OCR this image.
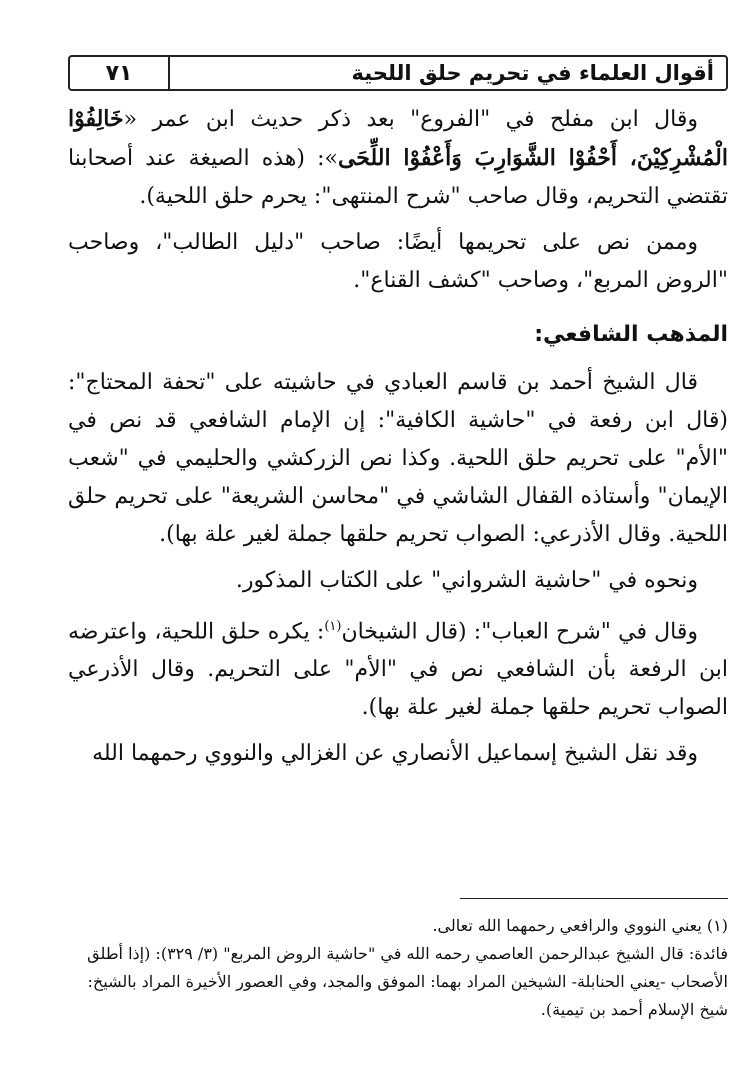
أقوال العلماء في تحريم حلق اللحية
٧١

وقال ابن مفلح في "الفروع" بعد ذكر حديث ابن عمر «خَالِفُوْا الْمُشْرِكِيْنَ، أَحْفُوْا الشَّوَارِبَ وَأَعْفُوْا اللِّحَى»: (هذه الصيغة عند أصحابنا تقتضي التحريم، وقال صاحب "شرح المنتهى": يحرم حلق اللحية).

وممن نص على تحريمها أيضًا: صاحب "دليل الطالب"، وصاحب "الروض المربع"، وصاحب "كشف القناع".

المذهب الشافعي:

قال الشيخ أحمد بن قاسم العبادي في حاشيته على "تحفة المحتاج": (قال ابن رفعة في "حاشية الكافية": إن الإمام الشافعي قد نص في "الأم" على تحريم حلق اللحية. وكذا نص الزركشي والحليمي في "شعب الإيمان" وأستاذه القفال الشاشي في "محاسن الشريعة" على تحريم حلق اللحية. وقال الأذرعي: الصواب تحريم حلقها جملة لغير علة بها).

ونحوه في "حاشية الشرواني" على الكتاب المذكور.

وقال في "شرح العباب": (قال الشيخان$^{(١)}$: يكره حلق اللحية، واعترضه ابن الرفعة بأن الشافعي نص في "الأم" على التحريم. وقال الأذرعي الصواب تحريم حلقها جملة لغير علة بها).

وقد نقل الشيخ إسماعيل الأنصاري عن الغزالي والنووي رحمهما الله

(١) يعني النووي والرافعي رحمهما الله تعالى.

فائدة: قال الشيخ عبدالرحمن العاصمي رحمه الله في "حاشية الروض المربع" (٣/ ٣٢٩): (إذا أطلق الأصحاب -يعني الحنابلة- الشيخين المراد بهما: الموفق والمجد، وفي العصور الأخيرة المراد بالشيخ: شيخ الإسلام أحمد بن تيمية).
